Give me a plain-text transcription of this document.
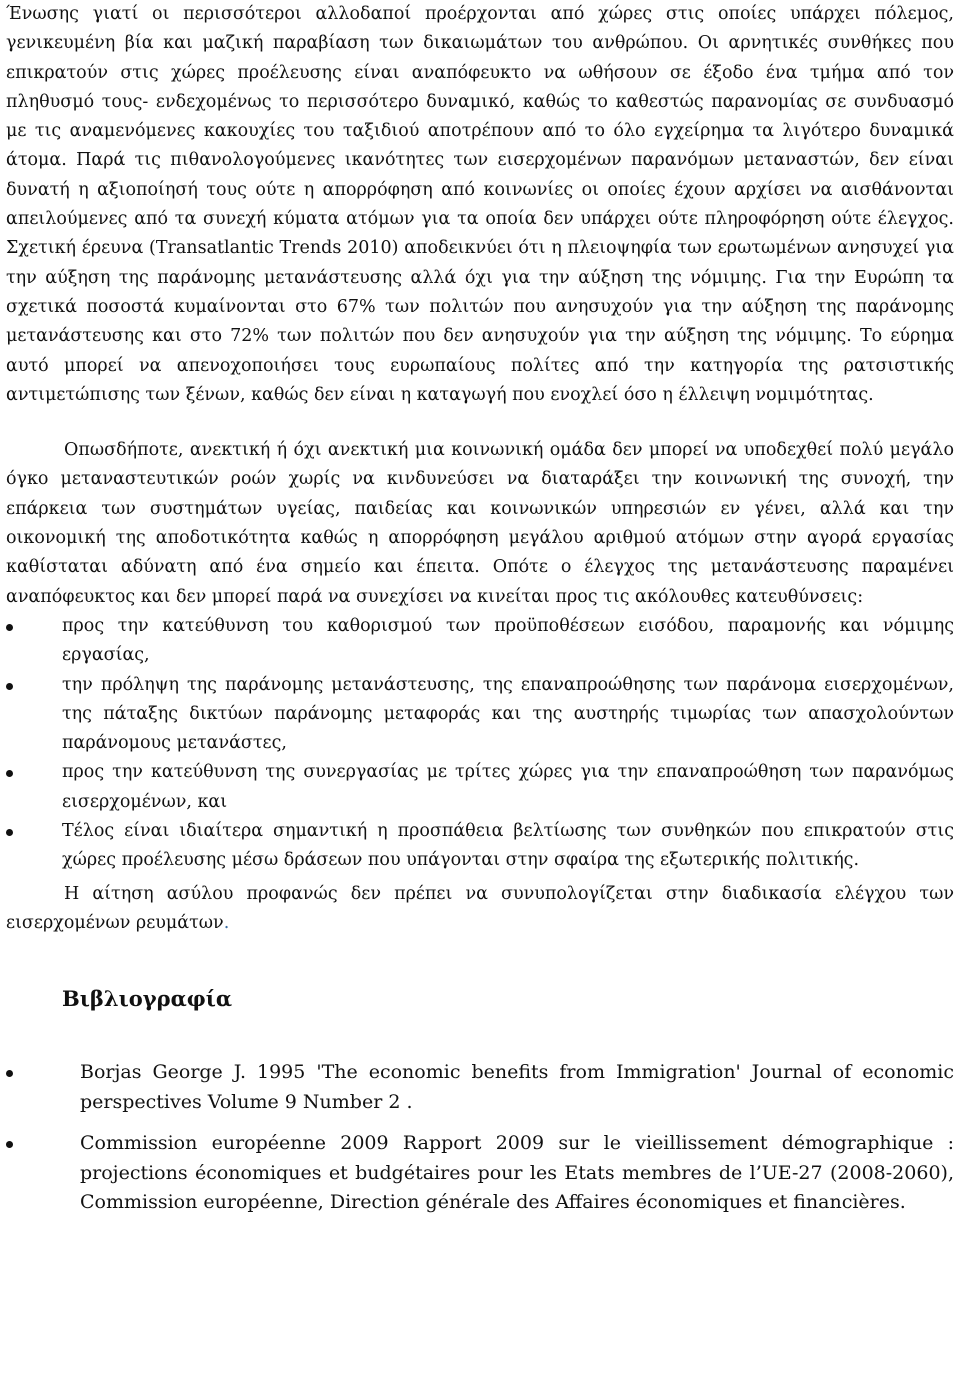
Ένωσης γιατί οι περισσότεροι αλλοδαποί προέρχονται από χώρες στις οποίες υπάρχει πόλεμος, γενικευμένη βία και μαζική παραβίαση των δικαιωμάτων του ανθρώπου. Οι αρνητικές συνθήκες που επικρατούν στις χώρες προέλευσης είναι αναπόφευκτο να ωθήσουν σε έξοδο ένα τμήμα από τον πληθυσμό τους- ενδεχομένως το περισσότερο δυναμικό, καθώς το καθεστώς παρανομίας σε συνδυασμό με τις αναμενόμενες κακουχίες του ταξιδιού αποτρέπουν από το όλο εγχείρημα τα λιγότερο δυναμικά άτομα. Παρά τις πιθανολογούμενες ικανότητες των εισερχομένων παρανόμων μεταναστών, δεν είναι δυνατή η αξιοποίησή τους ούτε η απορρόφηση από κοινωνίες οι οποίες έχουν αρχίσει να αισθάνονται απειλούμενες από τα συνεχή κύματα ατόμων για τα οποία δεν υπάρχει ούτε πληροφόρηση ούτε έλεγχος. Σχετική έρευνα (Transatlantic Trends 2010) αποδεικνύει ότι η πλειοψηφία των ερωτωμένων ανησυχεί για την αύξηση της παράνομης μετανάστευσης αλλά όχι για την αύξηση της νόμιμης. Για την Ευρώπη τα σχετικά ποσοστά κυμαίνονται στο 67% των πολιτών που ανησυχούν για την αύξηση της παράνομης μετανάστευσης και στο 72% των πολιτών που δεν ανησυχούν για την αύξηση της νόμιμης. Το εύρημα αυτό μπορεί να απενοχοποιήσει τους ευρωπαίους πολίτες από την κατηγορία της ρατσιστικής αντιμετώπισης των ξένων, καθώς δεν είναι η καταγωγή που ενοχλεί όσο η έλλειψη νομιμότητας.

Οπωσδήποτε, ανεκτική ή όχι ανεκτική μια κοινωνική ομάδα δεν μπορεί να υποδεχθεί πολύ μεγάλο όγκο μεταναστευτικών ροών χωρίς να κινδυνεύσει να διαταράξει την κοινωνική της συνοχή, την επάρκεια των συστημάτων υγείας, παιδείας και κοινωνικών υπηρεσιών εν γένει, αλλά και την οικονομική της αποδοτικότητα καθώς η απορρόφηση μεγάλου αριθμού ατόμων στην αγορά εργασίας καθίσταται αδύνατη από ένα σημείο και έπειτα. Οπότε ο έλεγχος της μετανάστευσης παραμένει αναπόφευκτος και δεν μπορεί παρά να συνεχίσει να κινείται προς τις ακόλουθες κατευθύνσεις:

προς την κατεύθυνση του καθορισμού των προϋποθέσεων εισόδου, παραμονής και νόμιμης εργασίας,
την πρόληψη της παράνομης μετανάστευσης, της επαναπροώθησης των παράνομα εισερχομένων, της πάταξης δικτύων παράνομης μεταφοράς και της αυστηρής τιμωρίας των απασχολούντων παράνομους μετανάστες,
προς την κατεύθυνση της συνεργασίας με τρίτες χώρες για την επαναπροώθηση των παρανόμως εισερχομένων, και
Τέλος είναι ιδιαίτερα σημαντική η προσπάθεια βελτίωσης των συνθηκών που επικρατούν στις χώρες προέλευσης μέσω δράσεων που υπάγονται στην σφαίρα της εξωτερικής πολιτικής.

Η αίτηση ασύλου προφανώς δεν πρέπει να συνυπολογίζεται στην διαδικασία ελέγχου των εισερχομένων ρευμάτων.

Βιβλιογραφία
Borjas George J. 1995 'The economic benefits from Immigration' Journal of economic perspectives Volume 9 Number 2 .
Commission européenne 2009 Rapport 2009 sur le vieillissement démographique : projections économiques et budgétaires pour les Etats membres de l’UE-27 (2008-2060), Commission européenne, Direction générale des Affaires économiques et financières.
